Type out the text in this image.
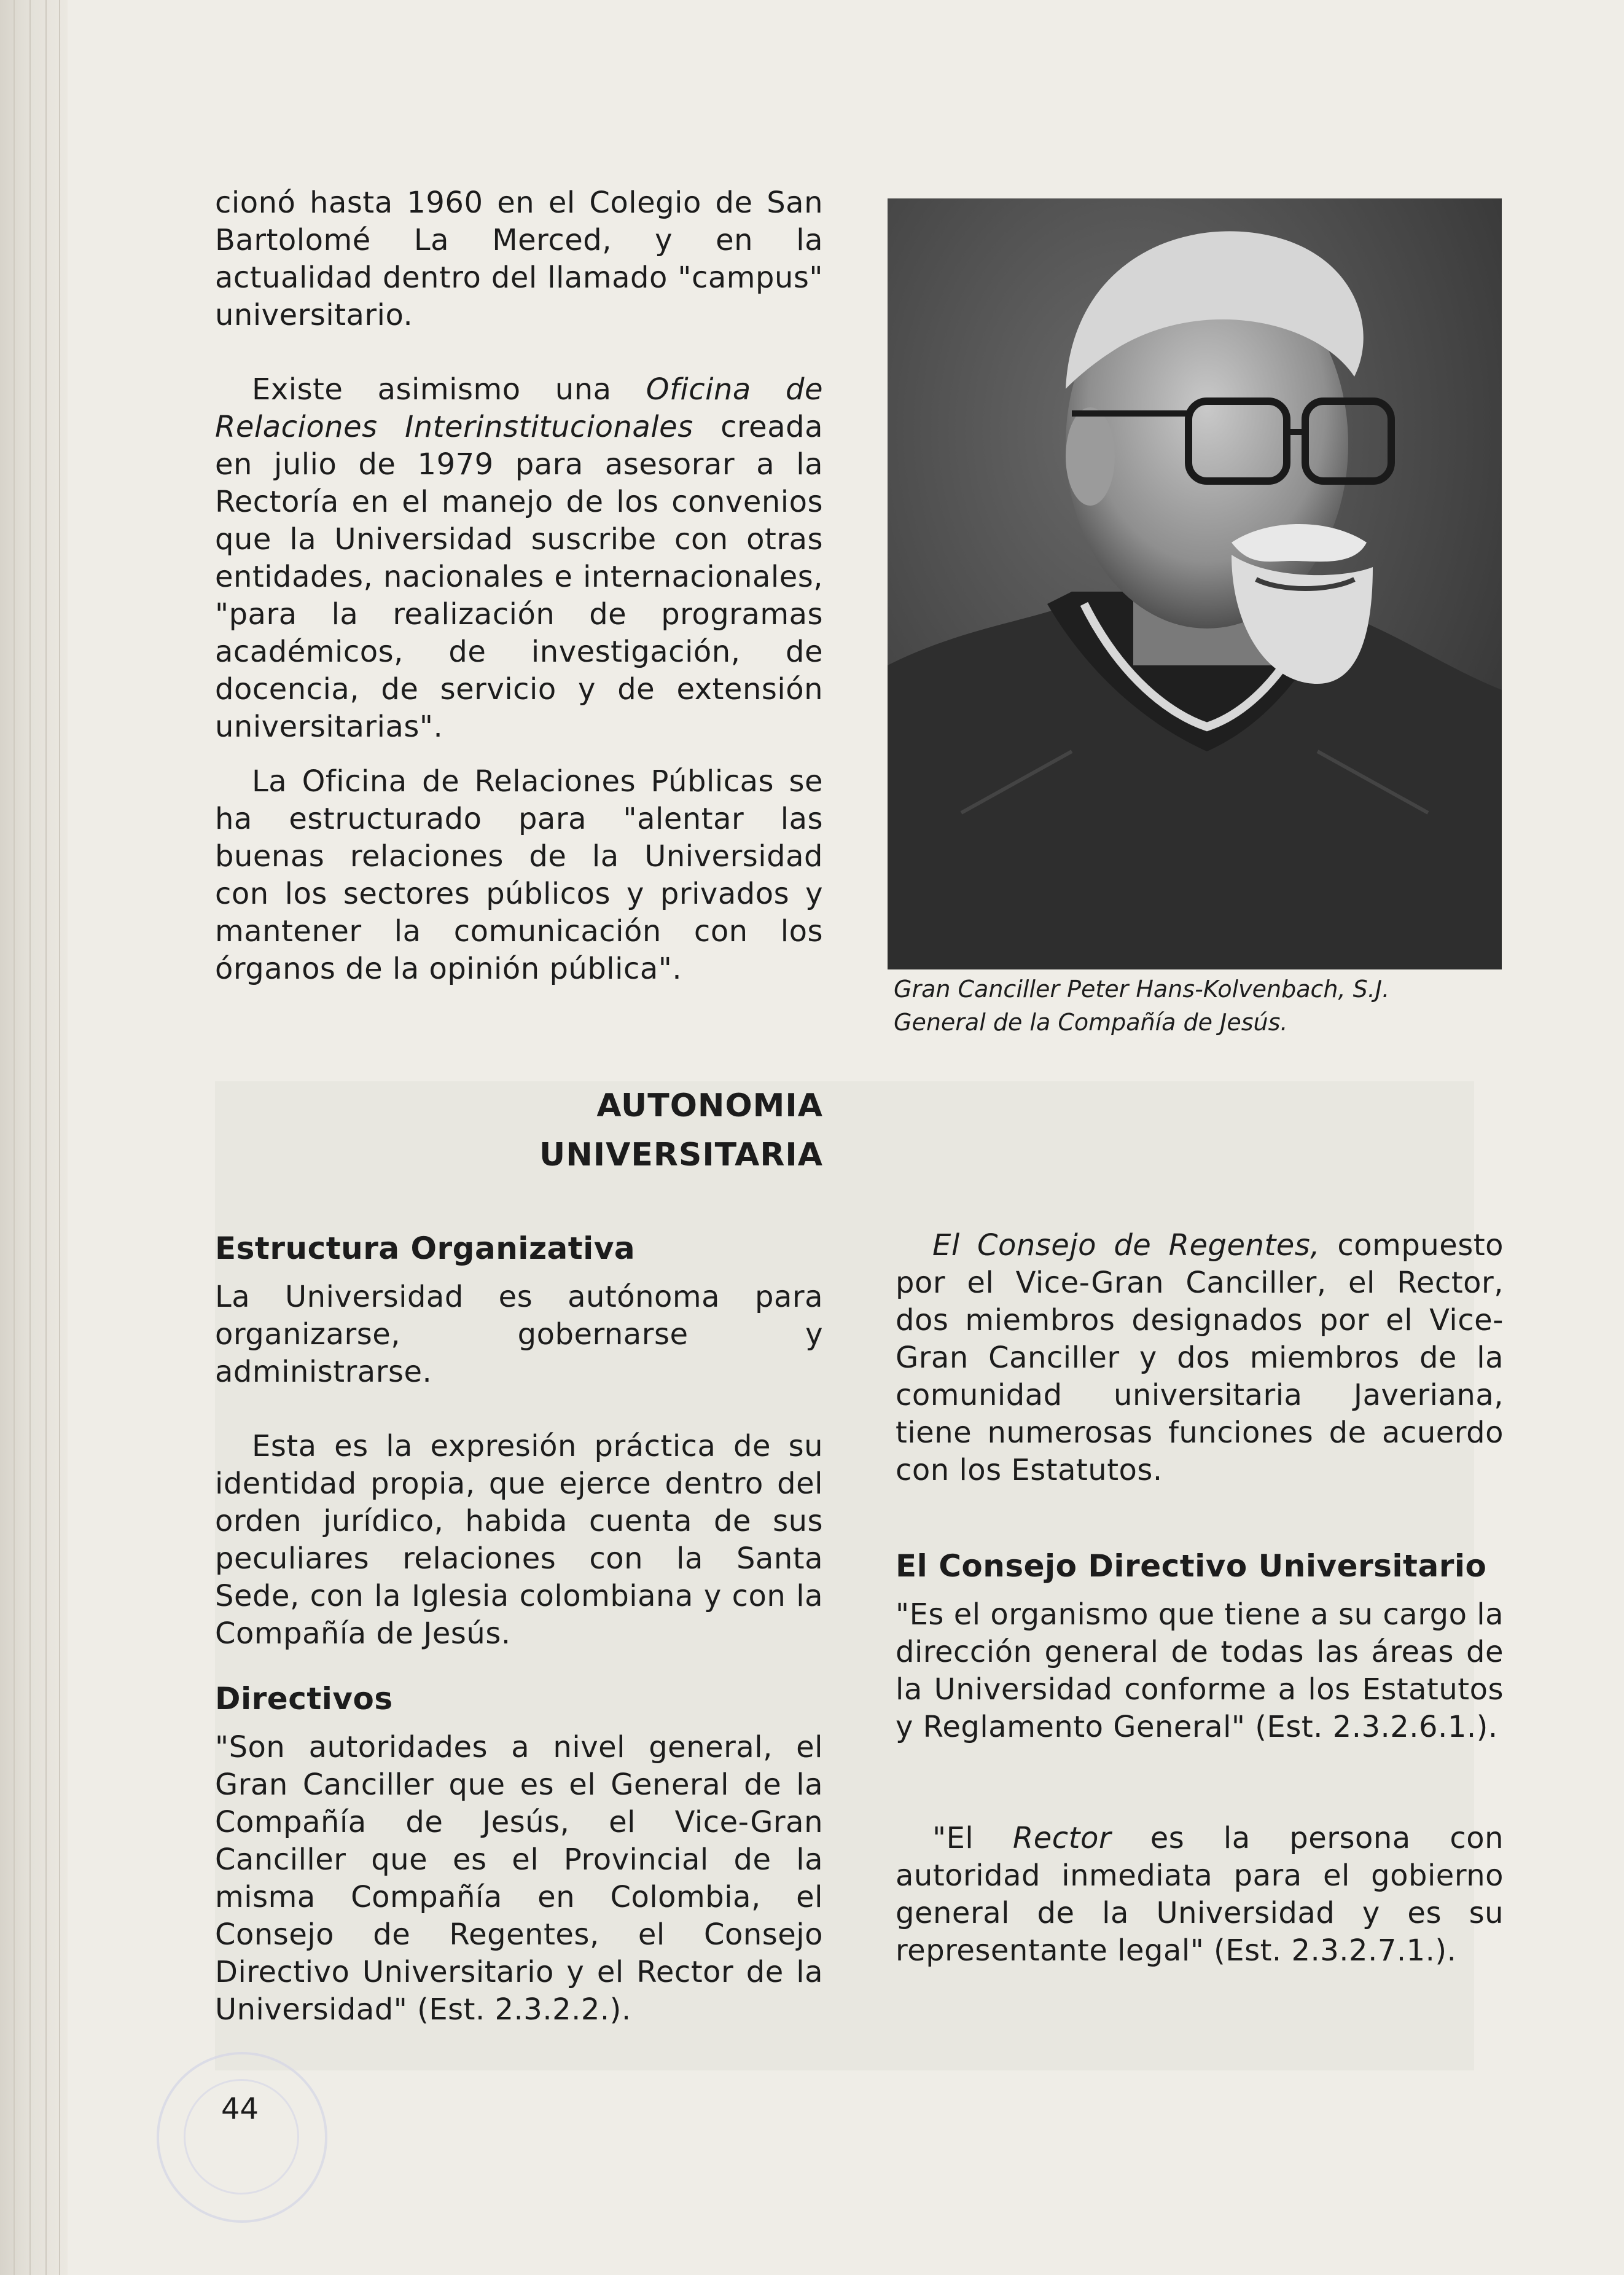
cionó hasta 1960 en el Colegio de San Bartolomé La Merced, y en la actualidad dentro del llamado "campus" universitario.

Existe asimismo una Oficina de Relaciones Interinstitucionales creada en julio de 1979 para asesorar a la Rectoría en el manejo de los convenios que la Universidad suscribe con otras entidades, nacionales e internacionales, "para la realización de programas académicos, de investigación, de docencia, de servicio y de extensión universitarias".

La Oficina de Relaciones Públicas se ha estructurado para "alentar las buenas relaciones de la Universidad con los sectores públicos y privados y mantener la comunicación con los órganos de la opinión pública".

Gran Canciller Peter Hans-Kolvenbach, S.J.
General de la Compañía de Jesús.
AUTONOMIA
UNIVERSITARIA

Estructura Organizativa

La Universidad es autónoma para organizarse, gobernarse y administrarse.

Esta es la expresión práctica de su identidad propia, que ejerce dentro del orden jurídico, habida cuenta de sus peculiares relaciones con la Santa Sede, con la Iglesia colombiana y con la Compañía de Jesús.

Directivos

"Son autoridades a nivel general, el Gran Canciller que es el General de la Compañía de Jesús, el Vice-Gran Canciller que es el Provincial de la misma Compañía en Colombia, el Consejo de Regentes, el Consejo Directivo Universitario y el Rector de la Universidad" (Est. 2.3.2.2.).

El Consejo de Regentes, compuesto por el Vice-Gran Canciller, el Rector, dos miembros designados por el Vice-Gran Canciller y dos miembros de la comunidad universitaria Javeriana, tiene numerosas funciones de acuerdo con los Estatutos.

El Consejo Directivo Universitario

"Es el organismo que tiene a su cargo la dirección general de todas las áreas de la Universidad conforme a los Estatutos y Reglamento General" (Est. 2.3.2.6.1.).

"El Rector es la persona con autoridad inmediata para el gobierno general de la Universidad y es su representante legal" (Est. 2.3.2.7.1.).

44
